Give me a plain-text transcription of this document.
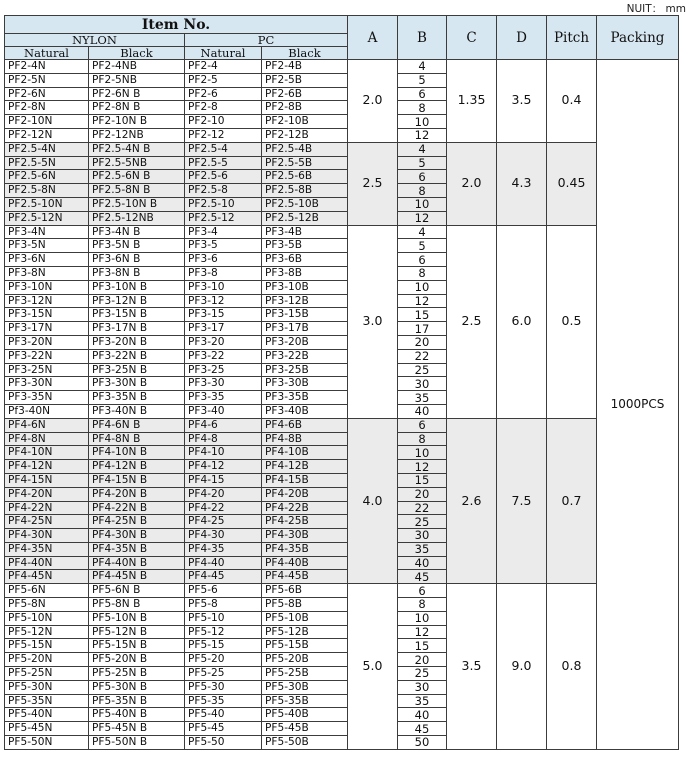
NUIT： mm
Item No.				A	B	C	D	Pitch	Packing
NYLON		PC							
Natural	Black	Natural	Black						
PF2-4N	PF2-4NB	PF2-4	PF2-4B	2.0	4	1.35	3.5	0.4	1000PCS
PF2-5N	PF2-5NB	PF2-5	PF2-5B		5				
PF2-6N	PF2-6N B	PF2-6	PF2-6B		6				
PF2-8N	PF2-8N B	PF2-8	PF2-8B		8				
PF2-10N	PF2-10N B	PF2-10	PF2-10B		10				
PF2-12N	PF2-12NB	PF2-12	PF2-12B		12				
PF2.5-4N	PF2.5-4N B	PF2.5-4	PF2.5-4B	2.5	4	2.0	4.3	0.45	
PF2.5-5N	PF2.5-5NB	PF2.5-5	PF2.5-5B		5				
PF2.5-6N	PF2.5-6N B	PF2.5-6	PF2.5-6B		6				
PF2.5-8N	PF2.5-8N B	PF2.5-8	PF2.5-8B		8				
PF2.5-10N	PF2.5-10N B	PF2.5-10	PF2.5-10B		10				
PF2.5-12N	PF2.5-12NB	PF2.5-12	PF2.5-12B		12				
PF3-4N	PF3-4N B	PF3-4	PF3-4B	3.0	4	2.5	6.0	0.5	
PF3-5N	PF3-5N B	PF3-5	PF3-5B		5				
PF3-6N	PF3-6N B	PF3-6	PF3-6B		6				
PF3-8N	PF3-8N B	PF3-8	PF3-8B		8				
PF3-10N	PF3-10N B	PF3-10	PF3-10B		10				
PF3-12N	PF3-12N B	PF3-12	PF3-12B		12				
PF3-15N	PF3-15N B	PF3-15	PF3-15B		15				
PF3-17N	PF3-17N B	PF3-17	PF3-17B		17				
PF3-20N	PF3-20N B	PF3-20	PF3-20B		20				
PF3-22N	PF3-22N B	PF3-22	PF3-22B		22				
PF3-25N	PF3-25N B	PF3-25	PF3-25B		25				
PF3-30N	PF3-30N B	PF3-30	PF3-30B		30				
PF3-35N	PF3-35N B	PF3-35	PF3-35B		35				
Pf3-40N	PF3-40N B	PF3-40	PF3-40B		40				
PF4-6N	PF4-6N B	PF4-6	PF4-6B	4.0	6	2.6	7.5	0.7	
PF4-8N	PF4-8N B	PF4-8	PF4-8B		8				
PF4-10N	PF4-10N B	PF4-10	PF4-10B		10				
PF4-12N	PF4-12N B	PF4-12	PF4-12B		12				
PF4-15N	PF4-15N B	PF4-15	PF4-15B		15				
PF4-20N	PF4-20N B	PF4-20	PF4-20B		20				
PF4-22N	PF4-22N B	PF4-22	PF4-22B		22				
PF4-25N	PF4-25N B	PF4-25	PF4-25B		25				
PF4-30N	PF4-30N B	PF4-30	PF4-30B		30				
PF4-35N	PF4-35N B	PF4-35	PF4-35B		35				
PF4-40N	PF4-40N B	PF4-40	PF4-40B		40				
PF4-45N	PF4-45N B	PF4-45	PF4-45B		45				
PF5-6N	PF5-6N B	PF5-6	PF5-6B	5.0	6	3.5	9.0	0.8	
PF5-8N	PF5-8N B	PF5-8	PF5-8B		8				
PF5-10N	PF5-10N B	PF5-10	PF5-10B		10				
PF5-12N	PF5-12N B	PF5-12	PF5-12B		12				
PF5-15N	PF5-15N B	PF5-15	PF5-15B		15				
PF5-20N	PF5-20N B	PF5-20	PF5-20B		20				
PF5-25N	PF5-25N B	PF5-25	PF5-25B		25				
PF5-30N	PF5-30N B	PF5-30	PF5-30B		30				
PF5-35N	PF5-35N B	PF5-35	PF5-35B		35				
PF5-40N	PF5-40N B	PF5-40	PF5-40B		40				
PF5-45N	PF5-45N B	PF5-45	PF5-45B		45				
PF5-50N	PF5-50N B	PF5-50	PF5-50B		50				
